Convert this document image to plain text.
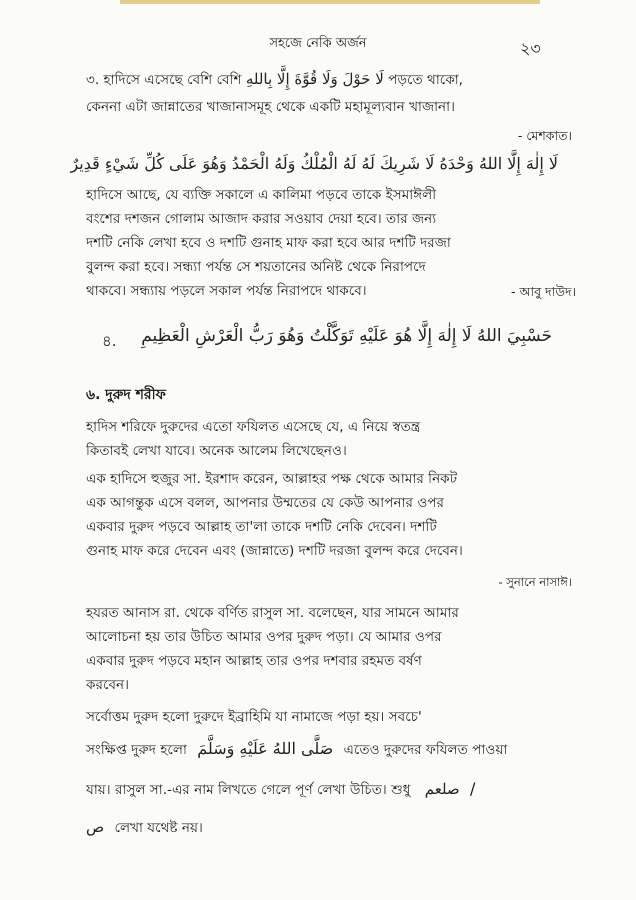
সহজে নেকি অর্জন	২৩
৩. হাদিসে এসেছে বেশি বেশি لَا حَوْلَ وَلَا قُوَّةَ إِلَّا بِاللهِ পড়তে থাকো,
কেননা এটা জান্নাতের খাজানাসমূহ থেকে একটি মহামূল্যবান খাজানা।
- মেশকাত।
لَا إِلٰهَ إِلَّا اللهُ وَحْدَهُ لَا شَرِيكَ لَهُ لَهُ الْمُلْكُ وَلَهُ الْحَمْدُ وَهُوَ عَلَى كُلِّ شَيْءٍ قَدِيرٌ
হাদিসে আছে, যে ব্যক্তি সকালে এ কালিমা পড়বে তাকে ইসমাঈলী
বংশের দশজন গোলাম আজাদ করার সওয়াব দেয়া হবে। তার জন্য
দশটি নেকি লেখা হবে ও দশটি গুনাহ মাফ করা হবে আর দশটি দরজা
বুলন্দ করা হবে। সন্ধ্যা পর্যন্ত সে শয়তানের অনিষ্ট থেকে নিরাপদে
থাকবে। সন্ধ্যায় পড়লে সকাল পর্যন্ত নিরাপদে থাকবে।	- আবু দাউদ।
৪. حَسْبِيَ اللهُ لَا إِلٰهَ إِلَّا هُوَ عَلَيْهِ تَوَكَّلْتُ وَهُوَ رَبُّ الْعَرْشِ الْعَظِيمِ
৬. দুরুদ শরীফ
হাদিস শরিফে দুরুদের এতো ফযিলত এসেছে যে, এ নিয়ে স্বতন্ত্র
কিতাবই লেখা যাবে। অনেক আলেম লিখেছেনও।
এক হাদিসে হুজুর সা. ইরশাদ করেন, আল্লাহর পক্ষ থেকে আমার নিকট
এক আগন্তুক এসে বলল, আপনার উম্মতের যে কেউ আপনার ওপর
একবার দুরুদ পড়বে আল্লাহ তা'লা তাকে দশটি নেকি দেবেন। দশটি
গুনাহ মাফ করে দেবেন এবং (জান্নাতে) দশটি দরজা বুলন্দ করে দেবেন।
- সুনানে নাসাঈ।
হযরত আনাস রা. থেকে বর্ণিত রাসুল সা. বলেছেন, যার সামনে আমার
আলোচনা হয় তার উচিত আমার ওপর দুরুদ পড়া। যে আমার ওপর
একবার দুরুদ পড়বে মহান আল্লাহ তার ওপর দশবার রহমত বর্ষণ
করবেন।
সর্বোত্তম দুরুদ হলো দুরুদে ইব্রাহিমি যা নামাজে পড়া হয়। সবচে'
সংক্ষিপ্ত দুরুদ হলো صَلَّى اللهُ عَلَيْهِ وَسَلَّمَ এতেও দুরুদের ফযিলত পাওয়া
যায়। রাসুল সা.-এর নাম লিখতে গেলে পূর্ণ লেখা উচিত। শুধু صلعم /
ص লেখা যথেষ্ট নয়।
